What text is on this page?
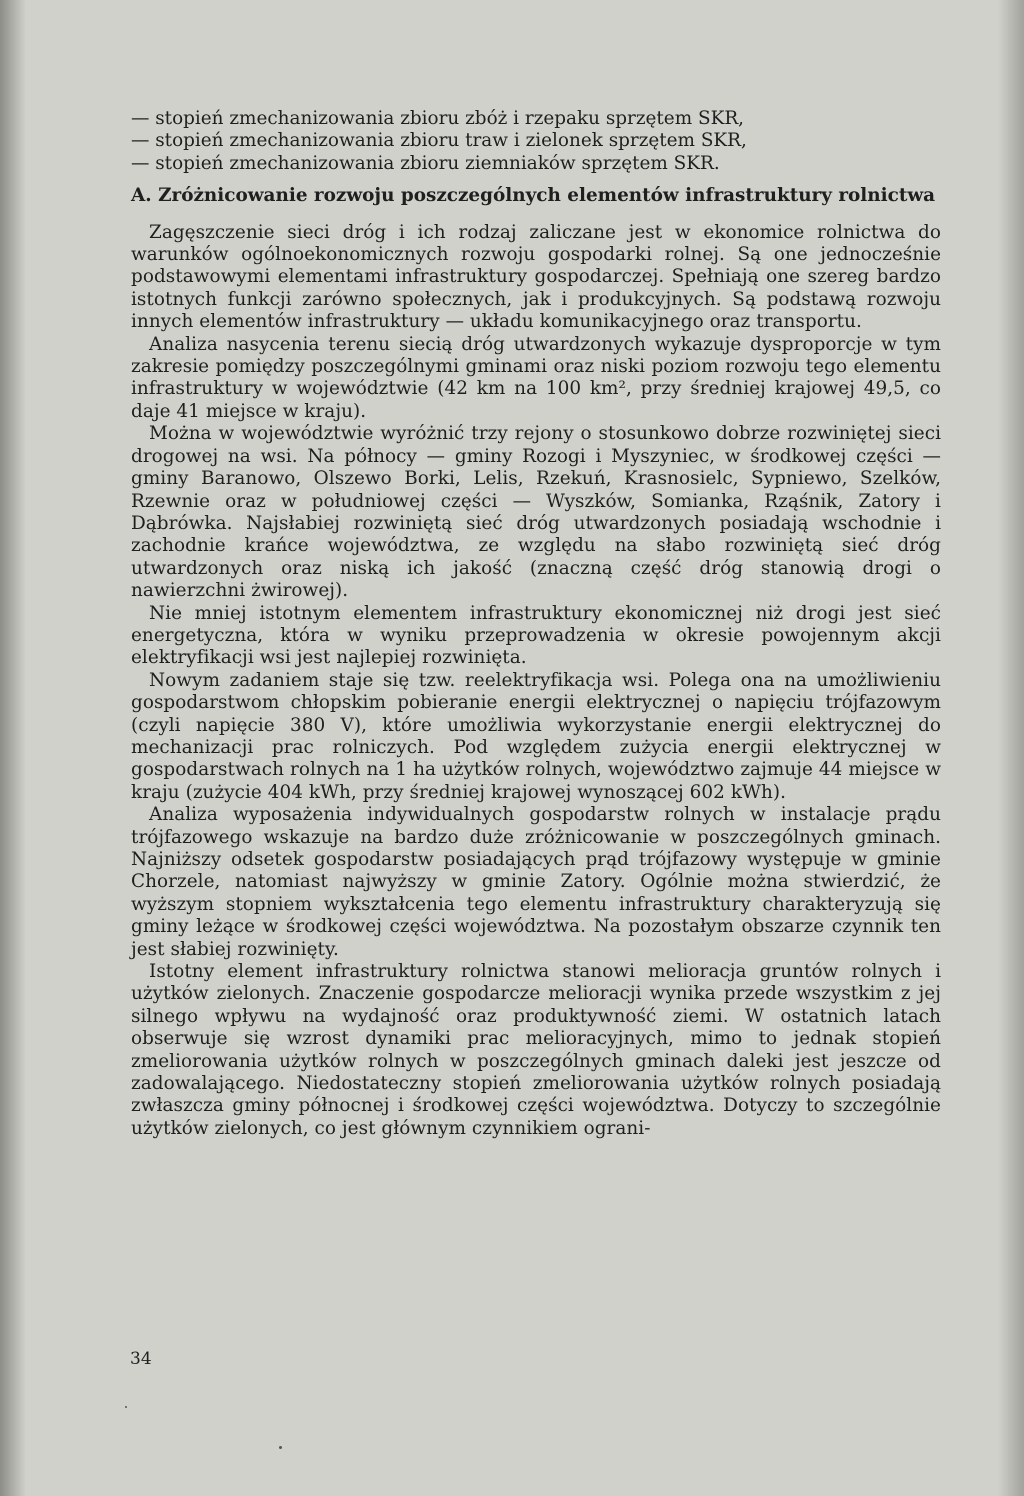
— stopień zmechanizowania zbioru zbóż i rzepaku sprzętem SKR,
— stopień zmechanizowania zbioru traw i zielonek sprzętem SKR,
— stopień zmechanizowania zbioru ziemniaków sprzętem SKR.
A. Zróżnicowanie rozwoju poszczególnych elementów infrastruktury rolnictwa

Zagęszczenie sieci dróg i ich rodzaj zaliczane jest w ekonomice rolnictwa do warunków ogólnoekonomicznych rozwoju gospodarki rolnej. Są one jednocześnie podstawowymi elementami infrastruktury gospodarczej. Spełniają one szereg bardzo istotnych funkcji zarówno społecznych, jak i produkcyjnych. Są podstawą rozwoju innych elementów infrastruktury — układu komunikacyjnego oraz transportu.

Analiza nasycenia terenu siecią dróg utwardzonych wykazuje dysproporcje w tym zakresie pomiędzy poszczególnymi gminami oraz niski poziom rozwoju tego elementu infrastruktury w województwie (42 km na 100 km², przy średniej krajowej 49,5, co daje 41 miejsce w kraju).

Można w województwie wyróżnić trzy rejony o stosunkowo dobrze rozwiniętej sieci drogowej na wsi. Na północy — gminy Rozogi i Myszyniec, w środkowej części — gminy Baranowo, Olszewo Borki, Lelis, Rzekuń, Krasnosielc, Sypniewo, Szelków, Rzewnie oraz w południowej części — Wyszków, Somianka, Rząśnik, Zatory i Dąbrówka. Najsłabiej rozwiniętą sieć dróg utwardzonych posiadają wschodnie i zachodnie krańce województwa, ze względu na słabo rozwiniętą sieć dróg utwardzonych oraz niską ich jakość (znaczną część dróg stanowią drogi o nawierzchni żwirowej).

Nie mniej istotnym elementem infrastruktury ekonomicznej niż drogi jest sieć energetyczna, która w wyniku przeprowadzenia w okresie powojennym akcji elektryfikacji wsi jest najlepiej rozwinięta.

Nowym zadaniem staje się tzw. reelektryfikacja wsi. Polega ona na umożliwieniu gospodarstwom chłopskim pobieranie energii elektrycznej o napięciu trójfazowym (czyli napięcie 380 V), które umożliwia wykorzystanie energii elektrycznej do mechanizacji prac rolniczych. Pod względem zużycia energii elektrycznej w gospodarstwach rolnych na 1 ha użytków rolnych, województwo zajmuje 44 miejsce w kraju (zużycie 404 kWh, przy średniej krajowej wynoszącej 602 kWh).

Analiza wyposażenia indywidualnych gospodarstw rolnych w instalacje prądu trójfazowego wskazuje na bardzo duże zróżnicowanie w poszczególnych gminach. Najniższy odsetek gospodarstw posiadających prąd trójfazowy występuje w gminie Chorzele, natomiast najwyższy w gminie Zatory. Ogólnie można stwierdzić, że wyższym stopniem wykształcenia tego elementu infrastruktury charakteryzują się gminy leżące w środkowej części województwa. Na pozostałym obszarze czynnik ten jest słabiej rozwinięty.

Istotny element infrastruktury rolnictwa stanowi melioracja gruntów rolnych i użytków zielonych. Znaczenie gospodarcze melioracji wynika przede wszystkim z jej silnego wpływu na wydajność oraz produktywność ziemi. W ostatnich latach obserwuje się wzrost dynamiki prac melioracyjnych, mimo to jednak stopień zmeliorowania użytków rolnych w poszczególnych gminach daleki jest jeszcze od zadowalającego. Niedostateczny stopień zmeliorowania użytków rolnych posiadają zwłaszcza gminy północnej i środkowej części województwa. Dotyczy to szczególnie użytków zielonych, co jest głównym czynnikiem ograni-

34
